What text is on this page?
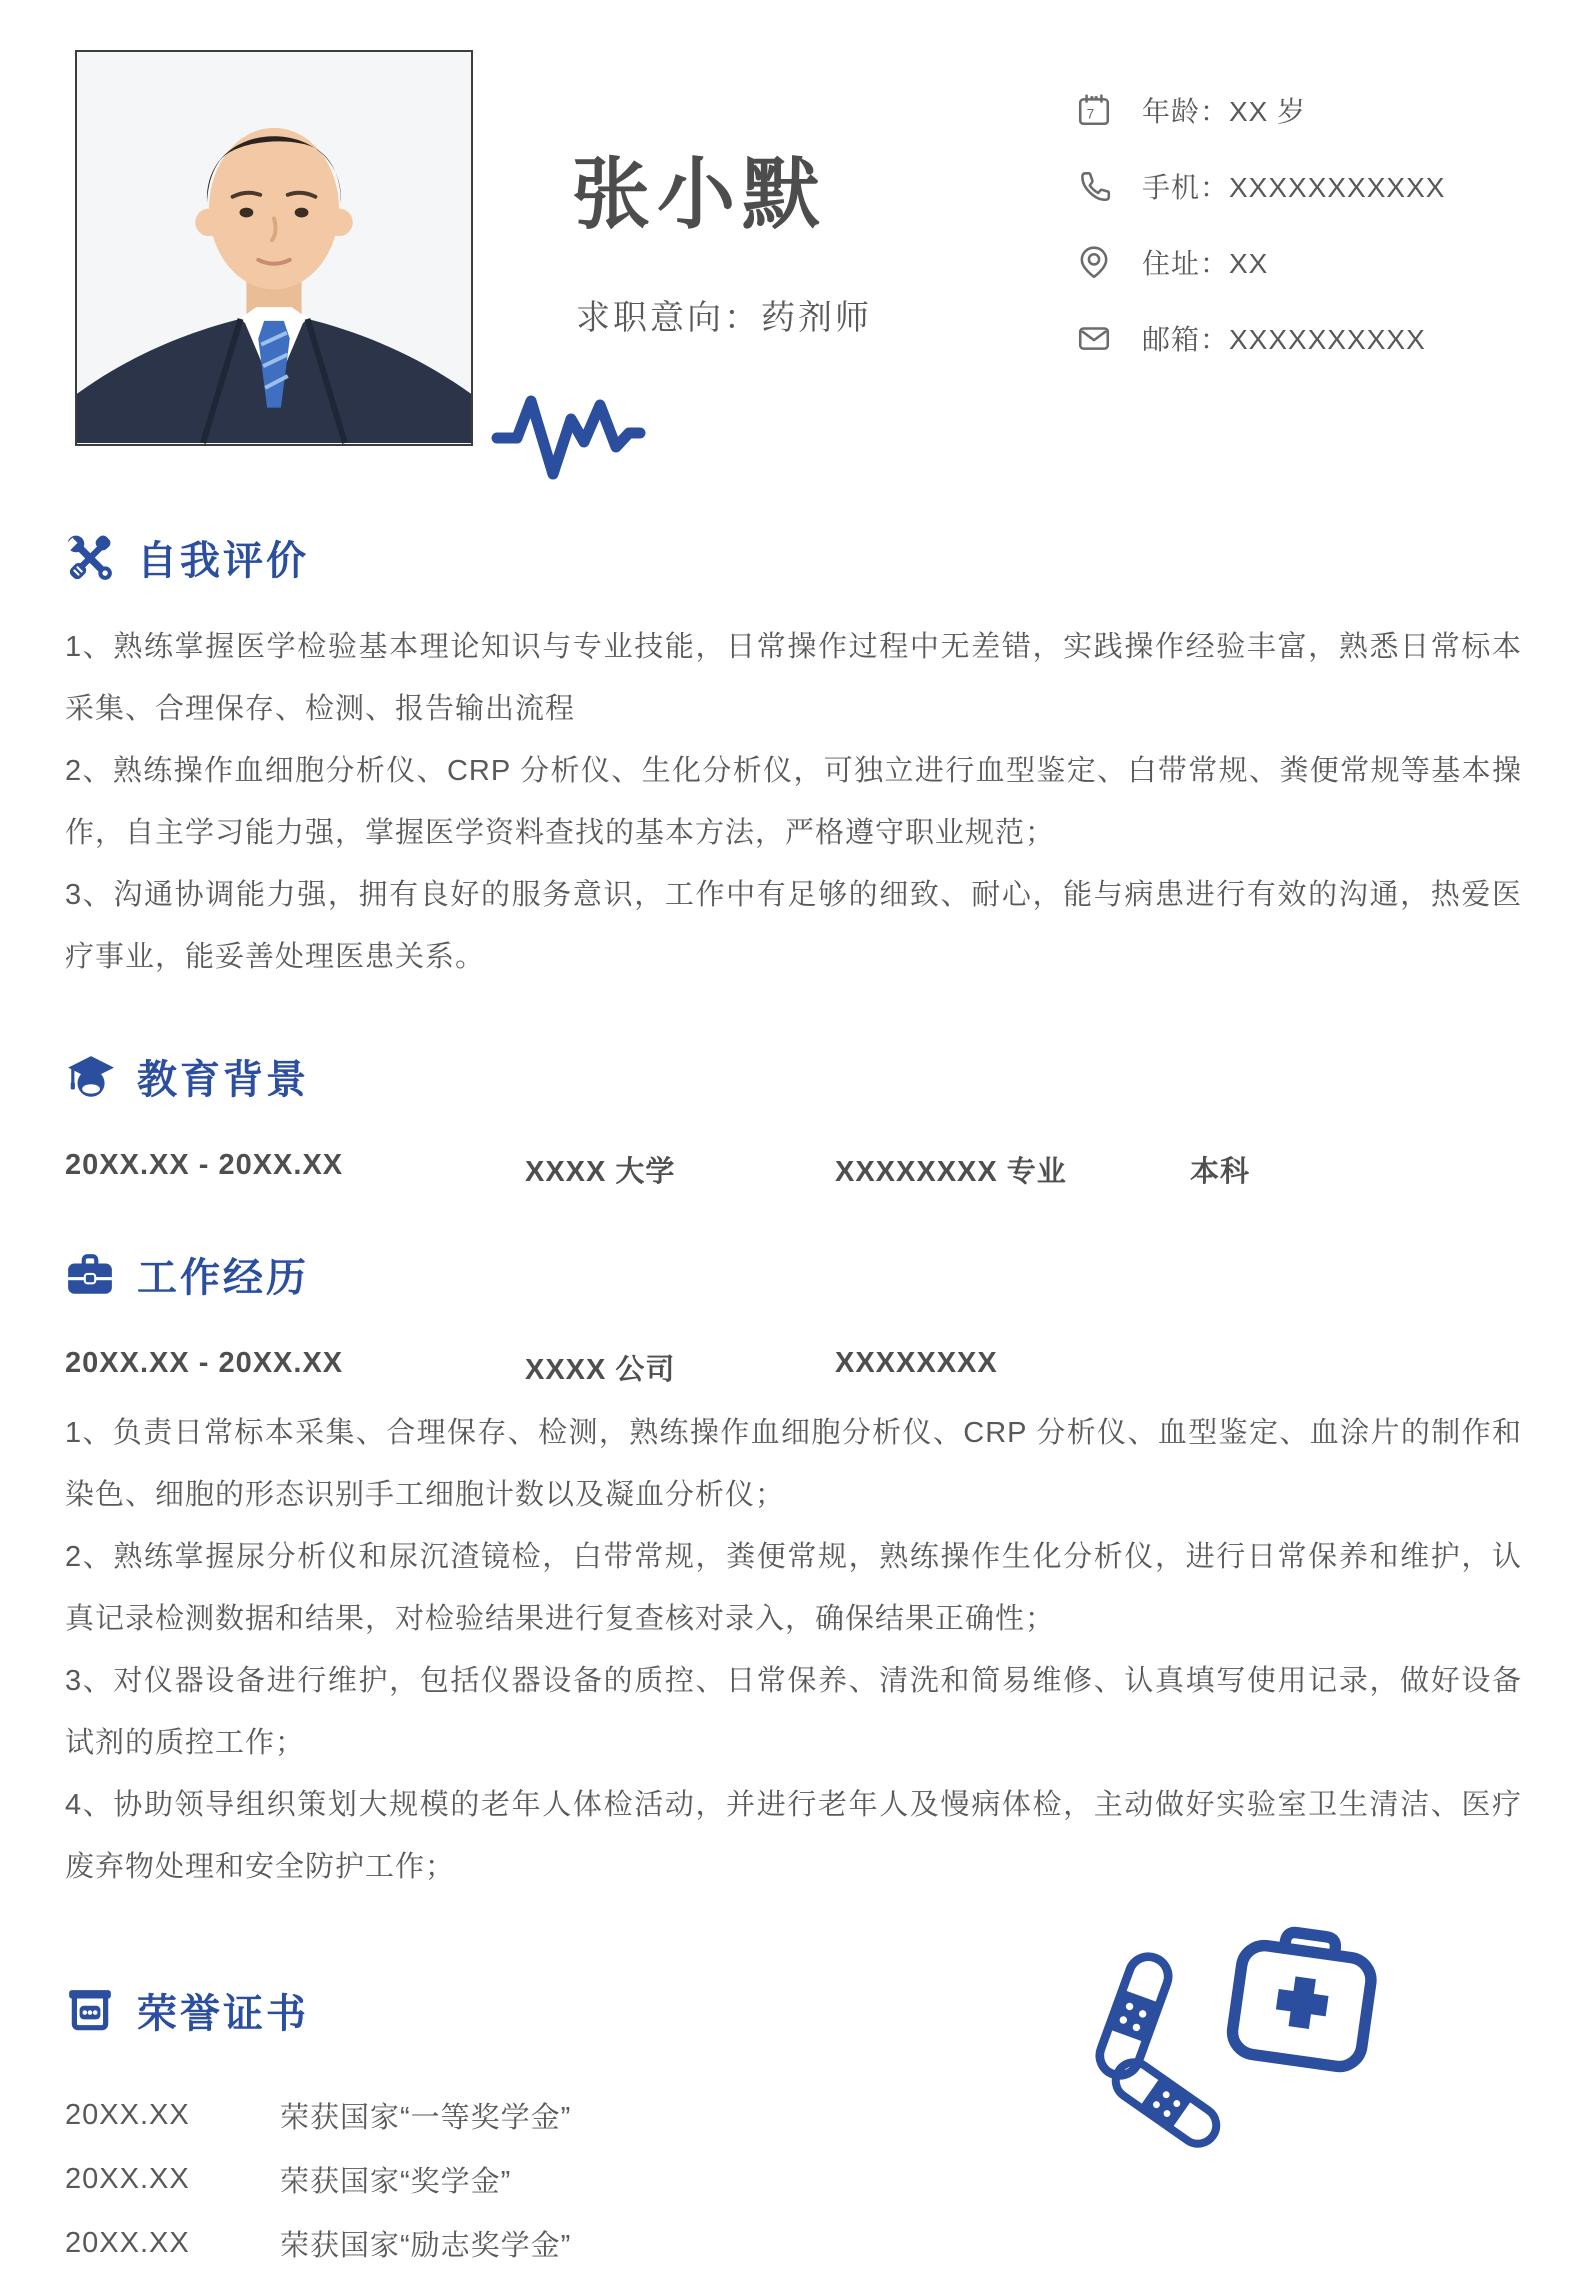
张小默
求职意向：药剂师
7 年龄：XX 岁
手机：XXXXXXXXXXX
住址：XX
邮箱：XXXXXXXXXX
自我评价

1、熟练掌握医学检验基本理论知识与专业技能，日常操作过程中无差错，实践操作经验丰富，熟悉日常标本采集、合理保存、检测、报告输出流程

2、熟练操作血细胞分析仪、CRP 分析仪、生化分析仪，可独立进行血型鉴定、白带常规、粪便常规等基本操作，自主学习能力强，掌握医学资料查找的基本方法，严格遵守职业规范；

3、沟通协调能力强，拥有良好的服务意识，工作中有足够的细致、耐心，能与病患进行有效的沟通，热爱医疗事业，能妥善处理医患关系。

教育背景
20XX.XX - 20XX.XX	XXXX 大学	XXXXXXXX 专业	本科
工作经历
20XX.XX - 20XX.XX	XXXX 公司	XXXXXXXX

1、负责日常标本采集、合理保存、检测，熟练操作血细胞分析仪、CRP 分析仪、血型鉴定、血涂片的制作和染色、细胞的形态识别手工细胞计数以及凝血分析仪；

2、熟练掌握尿分析仪和尿沉渣镜检，白带常规，粪便常规，熟练操作生化分析仪，进行日常保养和维护，认真记录检测数据和结果，对检验结果进行复查核对录入，确保结果正确性；

3、对仪器设备进行维护，包括仪器设备的质控、日常保养、清洗和简易维修、认真填写使用记录，做好设备试剂的质控工作；

4、协助领导组织策划大规模的老年人体检活动，并进行老年人及慢病体检，主动做好实验室卫生清洁、医疗废弃物处理和安全防护工作；

荣誉证书
20XX.XX	荣获国家“一等奖学金”
20XX.XX	荣获国家“奖学金”
20XX.XX	荣获国家“励志奖学金”
